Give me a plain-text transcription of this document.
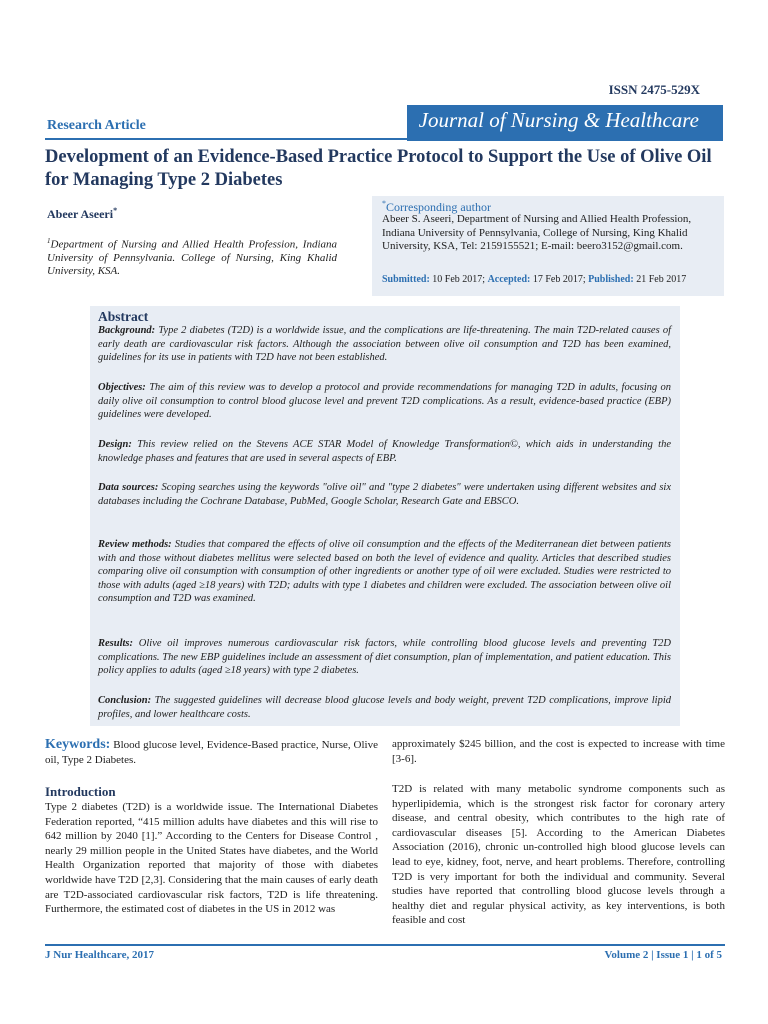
ISSN 2475-529X
Research Article	Journal of Nursing & Healthcare
Development of an Evidence-Based Practice Protocol to Support the Use of Olive Oil for Managing Type 2 Diabetes
Abeer Aseeri*
$^1$Department of Nursing and Allied Health Profession, Indiana University of Pennsylvania. College of Nursing, King Khalid University, KSA.
*Corresponding author
Abeer S. Aseeri, Department of Nursing and Allied Health Profession, Indiana University of Pennsylvania, College of Nursing, King Khalid University, KSA, Tel: 2159155521; E-mail: beero3152@gmail.com.
Submitted: 10 Feb 2017; Accepted: 17 Feb 2017; Published: 21 Feb 2017
Abstract
Background: Type 2 diabetes (T2D) is a worldwide issue, and the complications are life-threatening. The main T2D-related causes of early death are cardiovascular risk factors. Although the association between olive oil consumption and T2D has been examined, guidelines for its use in patients with T2D have not been established.
Objectives: The aim of this review was to develop a protocol and provide recommendations for managing T2D in adults, focusing on daily olive oil consumption to control blood glucose level and prevent T2D complications. As a result, evidence-based practice (EBP) guidelines were developed.
Design: This review relied on the Stevens ACE STAR Model of Knowledge Transformation©, which aids in understanding the knowledge phases and features that are used in several aspects of EBP.
Data sources: Scoping searches using the keywords "olive oil" and "type 2 diabetes" were undertaken using different websites and six databases including the Cochrane Database, PubMed, Google Scholar, Research Gate and EBSCO.
Review methods: Studies that compared the effects of olive oil consumption and the effects of the Mediterranean diet between patients with and those without diabetes mellitus were selected based on both the level of evidence and quality. Articles that described studies comparing olive oil consumption with consumption of other ingredients or another type of oil were excluded. Studies were restricted to those with adults (aged ≥18 years) with T2D; adults with type 1 diabetes and children were excluded. The association between olive oil consumption and T2D was examined.
Results: Olive oil improves numerous cardiovascular risk factors, while controlling blood glucose levels and preventing T2D complications. The new EBP guidelines include an assessment of diet consumption, plan of implementation, and patient education. This policy applies to adults (aged ≥18 years) with type 2 diabetes.
Conclusion: The suggested guidelines will decrease blood glucose levels and body weight, prevent T2D complications, improve lipid profiles, and lower healthcare costs.
Keywords: Blood glucose level, Evidence-Based practice, Nurse, Olive oil, Type 2 Diabetes.
Introduction
Type 2 diabetes (T2D) is a worldwide issue. The International Diabetes Federation reported, “415 million adults have diabetes and this will rise to 642 million by 2040 [1].” According to the Centers for Disease Control , nearly 29 million people in the United States have diabetes, and the World Health Organization reported that majority of those with diabetes worldwide have T2D [2,3]. Considering that the main causes of early death are T2D-associated cardiovascular risk factors, T2D is life threatening. Furthermore, the estimated cost of diabetes in the US in 2012 was
approximately $245 billion, and the cost is expected to increase with time [3-6].
T2D is related with many metabolic syndrome components such as hyperlipidemia, which is the strongest risk factor for coronary artery disease, and central obesity, which contributes to the high rate of cardiovascular diseases [5]. According to the American Diabetes Association (2016), chronic un-controlled high blood glucose levels can lead to eye, kidney, foot, nerve, and heart problems. Therefore, controlling T2D is very important for both the individual and community. Several studies have reported that controlling blood glucose levels through a healthy diet and regular physical activity, as key interventions, is both feasible and cost
J Nur Healthcare, 2017	Volume 2 | Issue 1 | 1 of 5
